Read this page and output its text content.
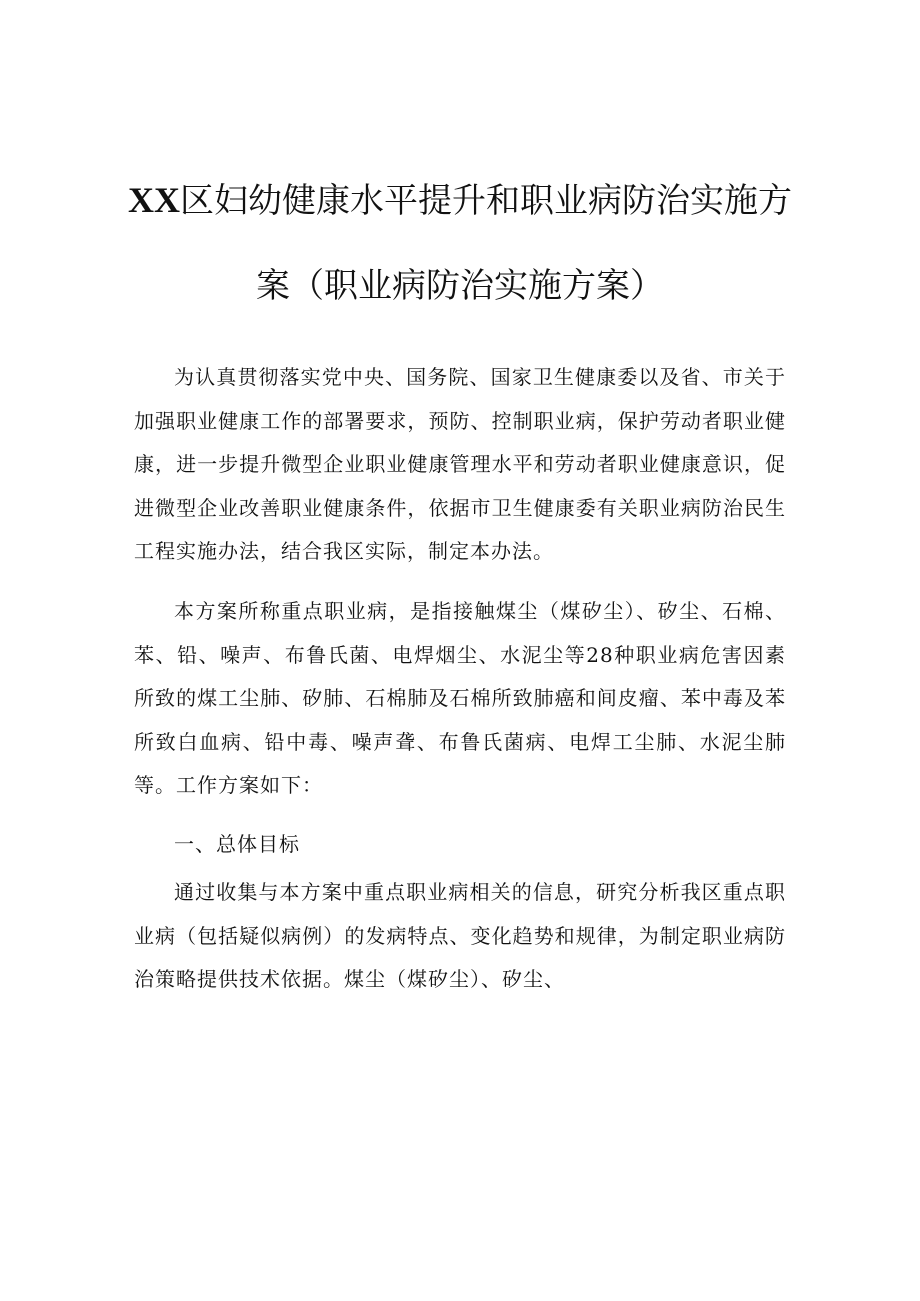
XX区妇幼健康水平提升和职业病防治实施方
案（职业病防治实施方案）

为认真贯彻落实党中央、国务院、国家卫生健康委以及省、市关于加强职业健康工作的部署要求，预防、控制职业病，保护劳动者职业健康，进一步提升微型企业职业健康管理水平和劳动者职业健康意识，促进微型企业改善职业健康条件，依据市卫生健康委有关职业病防治民生工程实施办法，结合我区实际，制定本办法。

本方案所称重点职业病，是指接触煤尘（煤矽尘）、矽尘、石棉、苯、铅、噪声、布鲁氏菌、电焊烟尘、水泥尘等28种职业病危害因素所致的煤工尘肺、矽肺、石棉肺及石棉所致肺癌和间皮瘤、苯中毒及苯所致白血病、铅中毒、噪声聋、布鲁氏菌病、电焊工尘肺、水泥尘肺等。工作方案如下：

一、总体目标

通过收集与本方案中重点职业病相关的信息，研究分析我区重点职业病（包括疑似病例）的发病特点、变化趋势和规律，为制定职业病防治策略提供技术依据。煤尘（煤矽尘）、矽尘、
